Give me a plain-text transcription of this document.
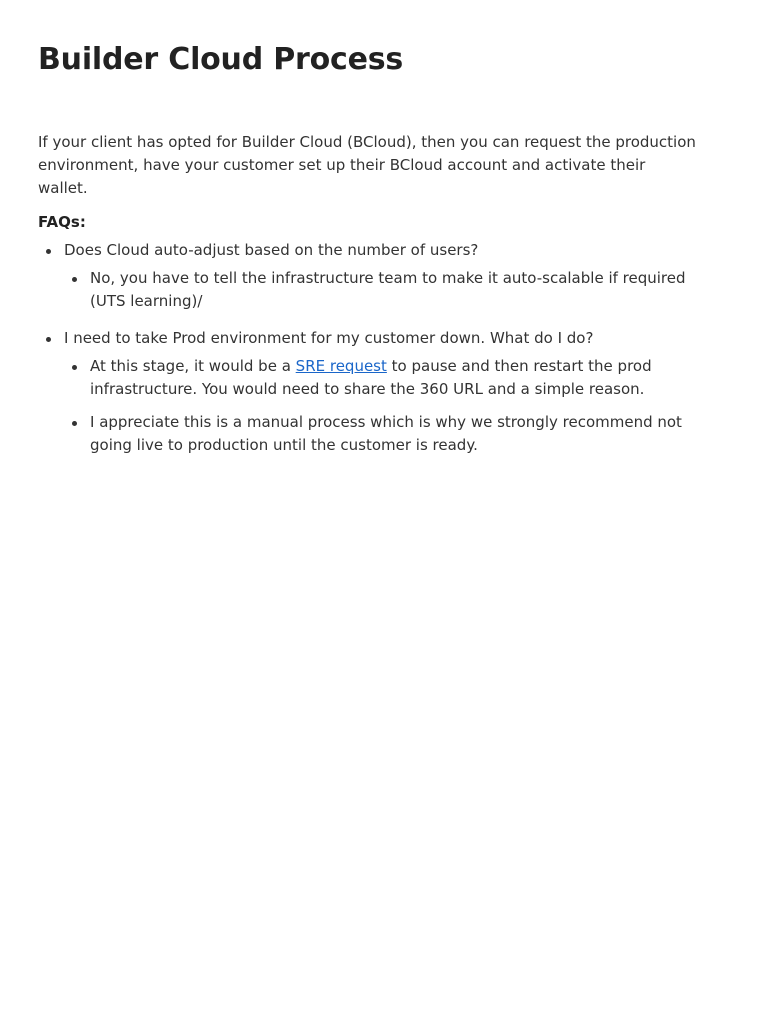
Builder Cloud Process

If your client has opted for Builder Cloud (BCloud), then you can request the production environment, have your customer set up their BCloud account and activate their wallet.

FAQs:

Does Cloud auto-adjust based on the number of users?
No, you have to tell the infrastructure team to make it auto-scalable if required (UTS learning)/
I need to take Prod environment for my customer down. What do I do?
At this stage, it would be a SRE request to pause and then restart the prod infrastructure. You would need to share the 360 URL and a simple reason.
I appreciate this is a manual process which is why we strongly recommend not going live to production until the customer is ready.
